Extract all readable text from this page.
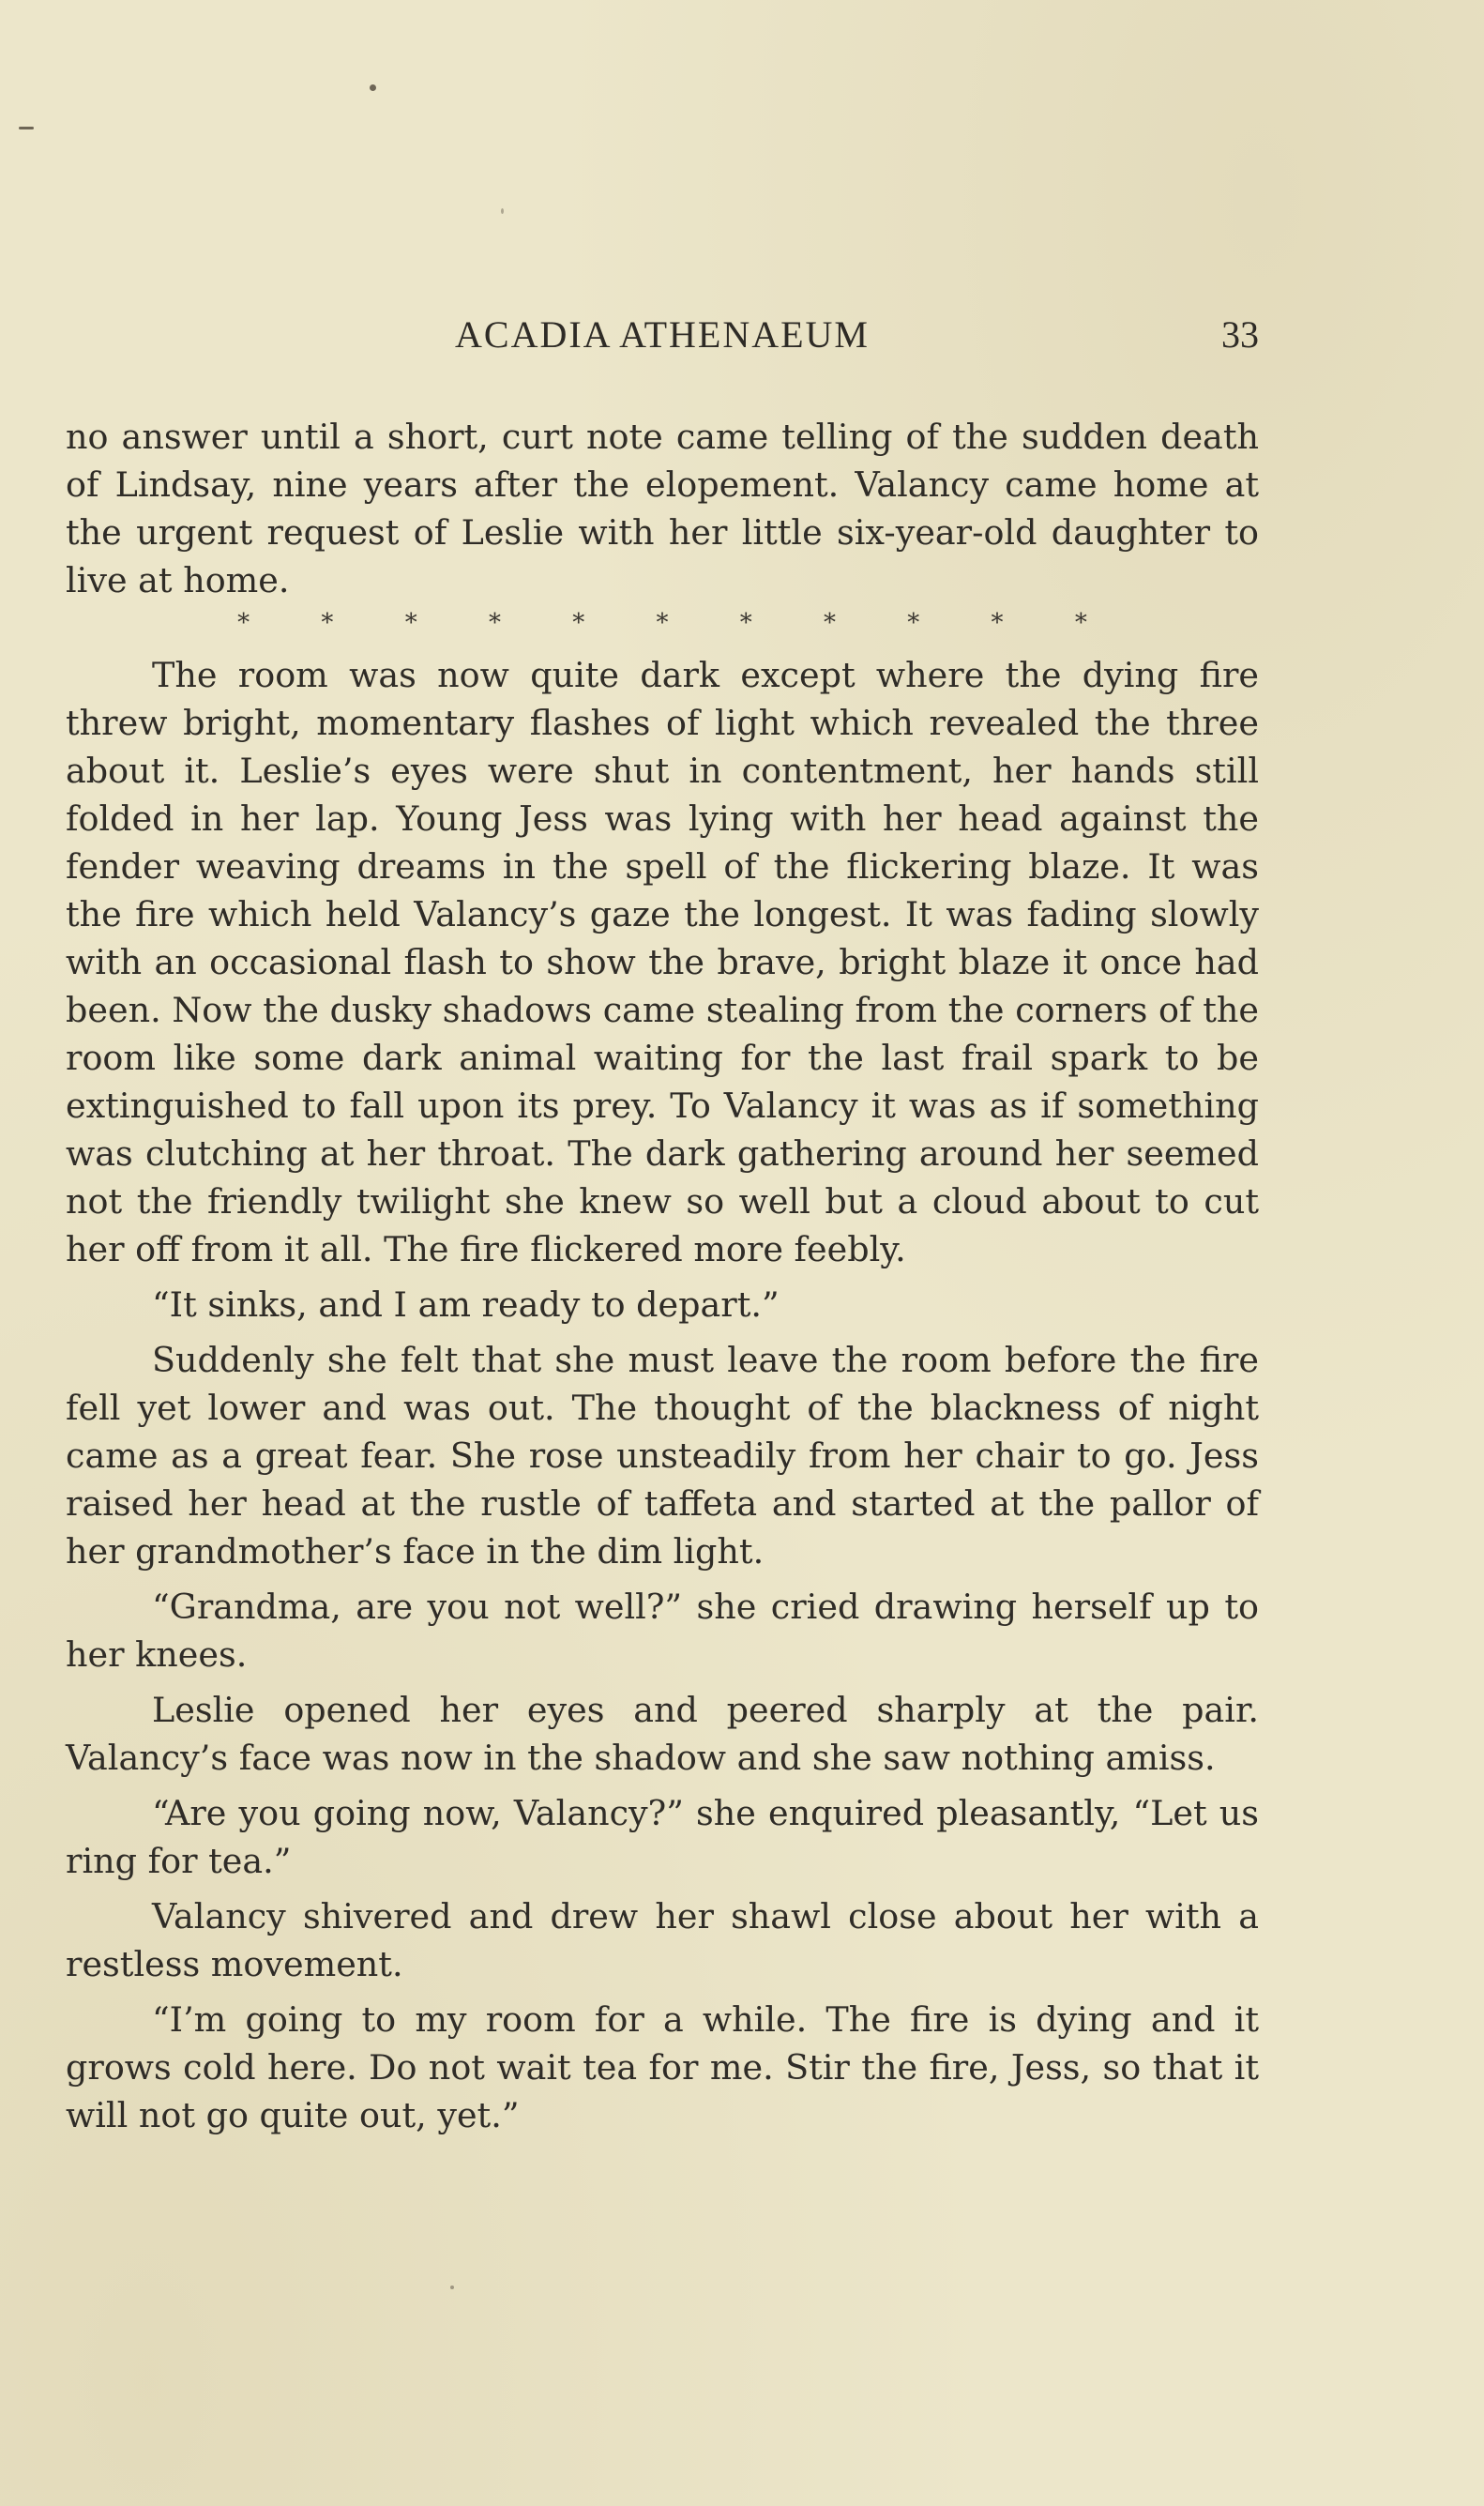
ACADIA ATHENAEUM	33

no answer until a short, curt note came telling of the sudden death of Lindsay, nine years after the elopement. Valancy came home at the urgent request of Leslie with her little six-year-old daughter to live at home.

* * * * * * * * * * *

The room was now quite dark except where the dying fire threw bright, momentary flashes of light which revealed the three about it. Leslie’s eyes were shut in contentment, her hands still folded in her lap. Young Jess was lying with her head against the fender weaving dreams in the spell of the flickering blaze. It was the fire which held Valancy’s gaze the longest. It was fading slowly with an occasional flash to show the brave, bright blaze it once had been. Now the dusky shadows came stealing from the corners of the room like some dark animal waiting for the last frail spark to be extinguished to fall upon its prey. To Valancy it was as if something was clutching at her throat. The dark gathering around her seemed not the friendly twilight she knew so well but a cloud about to cut her off from it all. The fire flickered more feebly.

“It sinks, and I am ready to depart.”

Suddenly she felt that she must leave the room before the fire fell yet lower and was out. The thought of the blackness of night came as a great fear. She rose unsteadily from her chair to go. Jess raised her head at the rustle of taffeta and started at the pallor of her grandmother’s face in the dim light.

“Grandma, are you not well?” she cried drawing herself up to her knees.

Leslie opened her eyes and peered sharply at the pair. Valancy’s face was now in the shadow and she saw nothing amiss.

“Are you going now, Valancy?” she enquired pleasantly, “Let us ring for tea.”

Valancy shivered and drew her shawl close about her with a restless movement.

“I’m going to my room for a while. The fire is dying and it grows cold here. Do not wait tea for me. Stir the fire, Jess, so that it will not go quite out, yet.”
